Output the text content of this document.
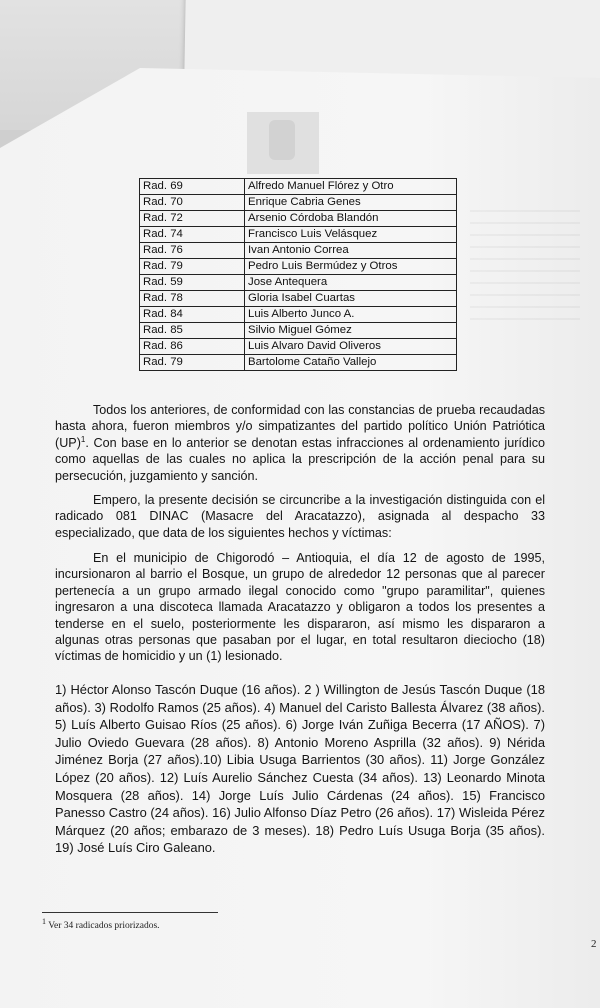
Rad. 69	Alfredo Manuel Flórez y Otro
Rad. 70	Enrique Cabria Genes
Rad. 72	Arsenio Córdoba Blandón
Rad. 74	Francisco Luis Velásquez
Rad. 76	Ivan Antonio Correa
Rad. 79	Pedro Luis Bermúdez y Otros
Rad. 59	Jose Antequera
Rad. 78	Gloria Isabel Cuartas
Rad. 84	Luis Alberto Junco A.
Rad. 85	Silvio Miguel Gómez
Rad. 86	Luis Alvaro David Oliveros
Rad. 79	Bartolome Cataño Vallejo

Todos los anteriores, de conformidad con las constancias de prueba recaudadas hasta ahora, fueron miembros y/o simpatizantes del partido político Unión Patriótica (UP)$^1$. Con base en lo anterior se denotan estas infracciones al ordenamiento jurídico como aquellas de las cuales no aplica la prescripción de la acción penal para su persecución, juzgamiento y sanción.

Empero, la presente decisión se circuncribe a la investigación distinguida con el radicado 081 DINAC (Masacre del Aracatazzo), asignada al despacho 33 especializado, que data de los siguientes hechos y víctimas:

En el municipio de Chigorodó – Antioquia, el día 12 de agosto de 1995, incursionaron al barrio el Bosque, un grupo de alrededor 12 personas que al parecer pertenecía a un grupo armado ilegal conocido como "grupo paramilitar", quienes ingresaron a una discoteca llamada Aracatazzo y obligaron a todos los presentes a tenderse en el suelo, posteriormente les dispararon, así mismo les dispararon a algunas otras personas que pasaban por el lugar, en total resultaron dieciocho (18) víctimas de homicidio y un (1) lesionado.

1) Héctor Alonso Tascón Duque (16 años). 2 ) Willington de Jesús Tascón Duque (18 años). 3) Rodolfo Ramos (25 años). 4) Manuel del Caristo Ballesta Álvarez (38 años). 5) Luís Alberto Guisao Ríos (25 años). 6) Jorge Iván Zuñiga Becerra (17 AÑOS). 7) Julio Oviedo Guevara (28 años). 8) Antonio Moreno Asprilla (32 años). 9) Nérida Jiménez Borja (27 años).10) Libia Usuga Barrientos (30 años). 11) Jorge González López (20 años). 12) Luís Aurelio Sánchez Cuesta (34 años). 13) Leonardo Minota Mosquera (28 años). 14) Jorge Luís Julio Cárdenas (24 años). 15) Francisco Panesso Castro (24 años). 16) Julio Alfonso Díaz Petro (26 años). 17) Wisleida Pérez Márquez (20 años; embarazo de 3 meses). 18) Pedro Luís Usuga Borja (35 años). 19) José Luís Ciro Galeano.

$^1$ Ver 34 radicados priorizados.
2
